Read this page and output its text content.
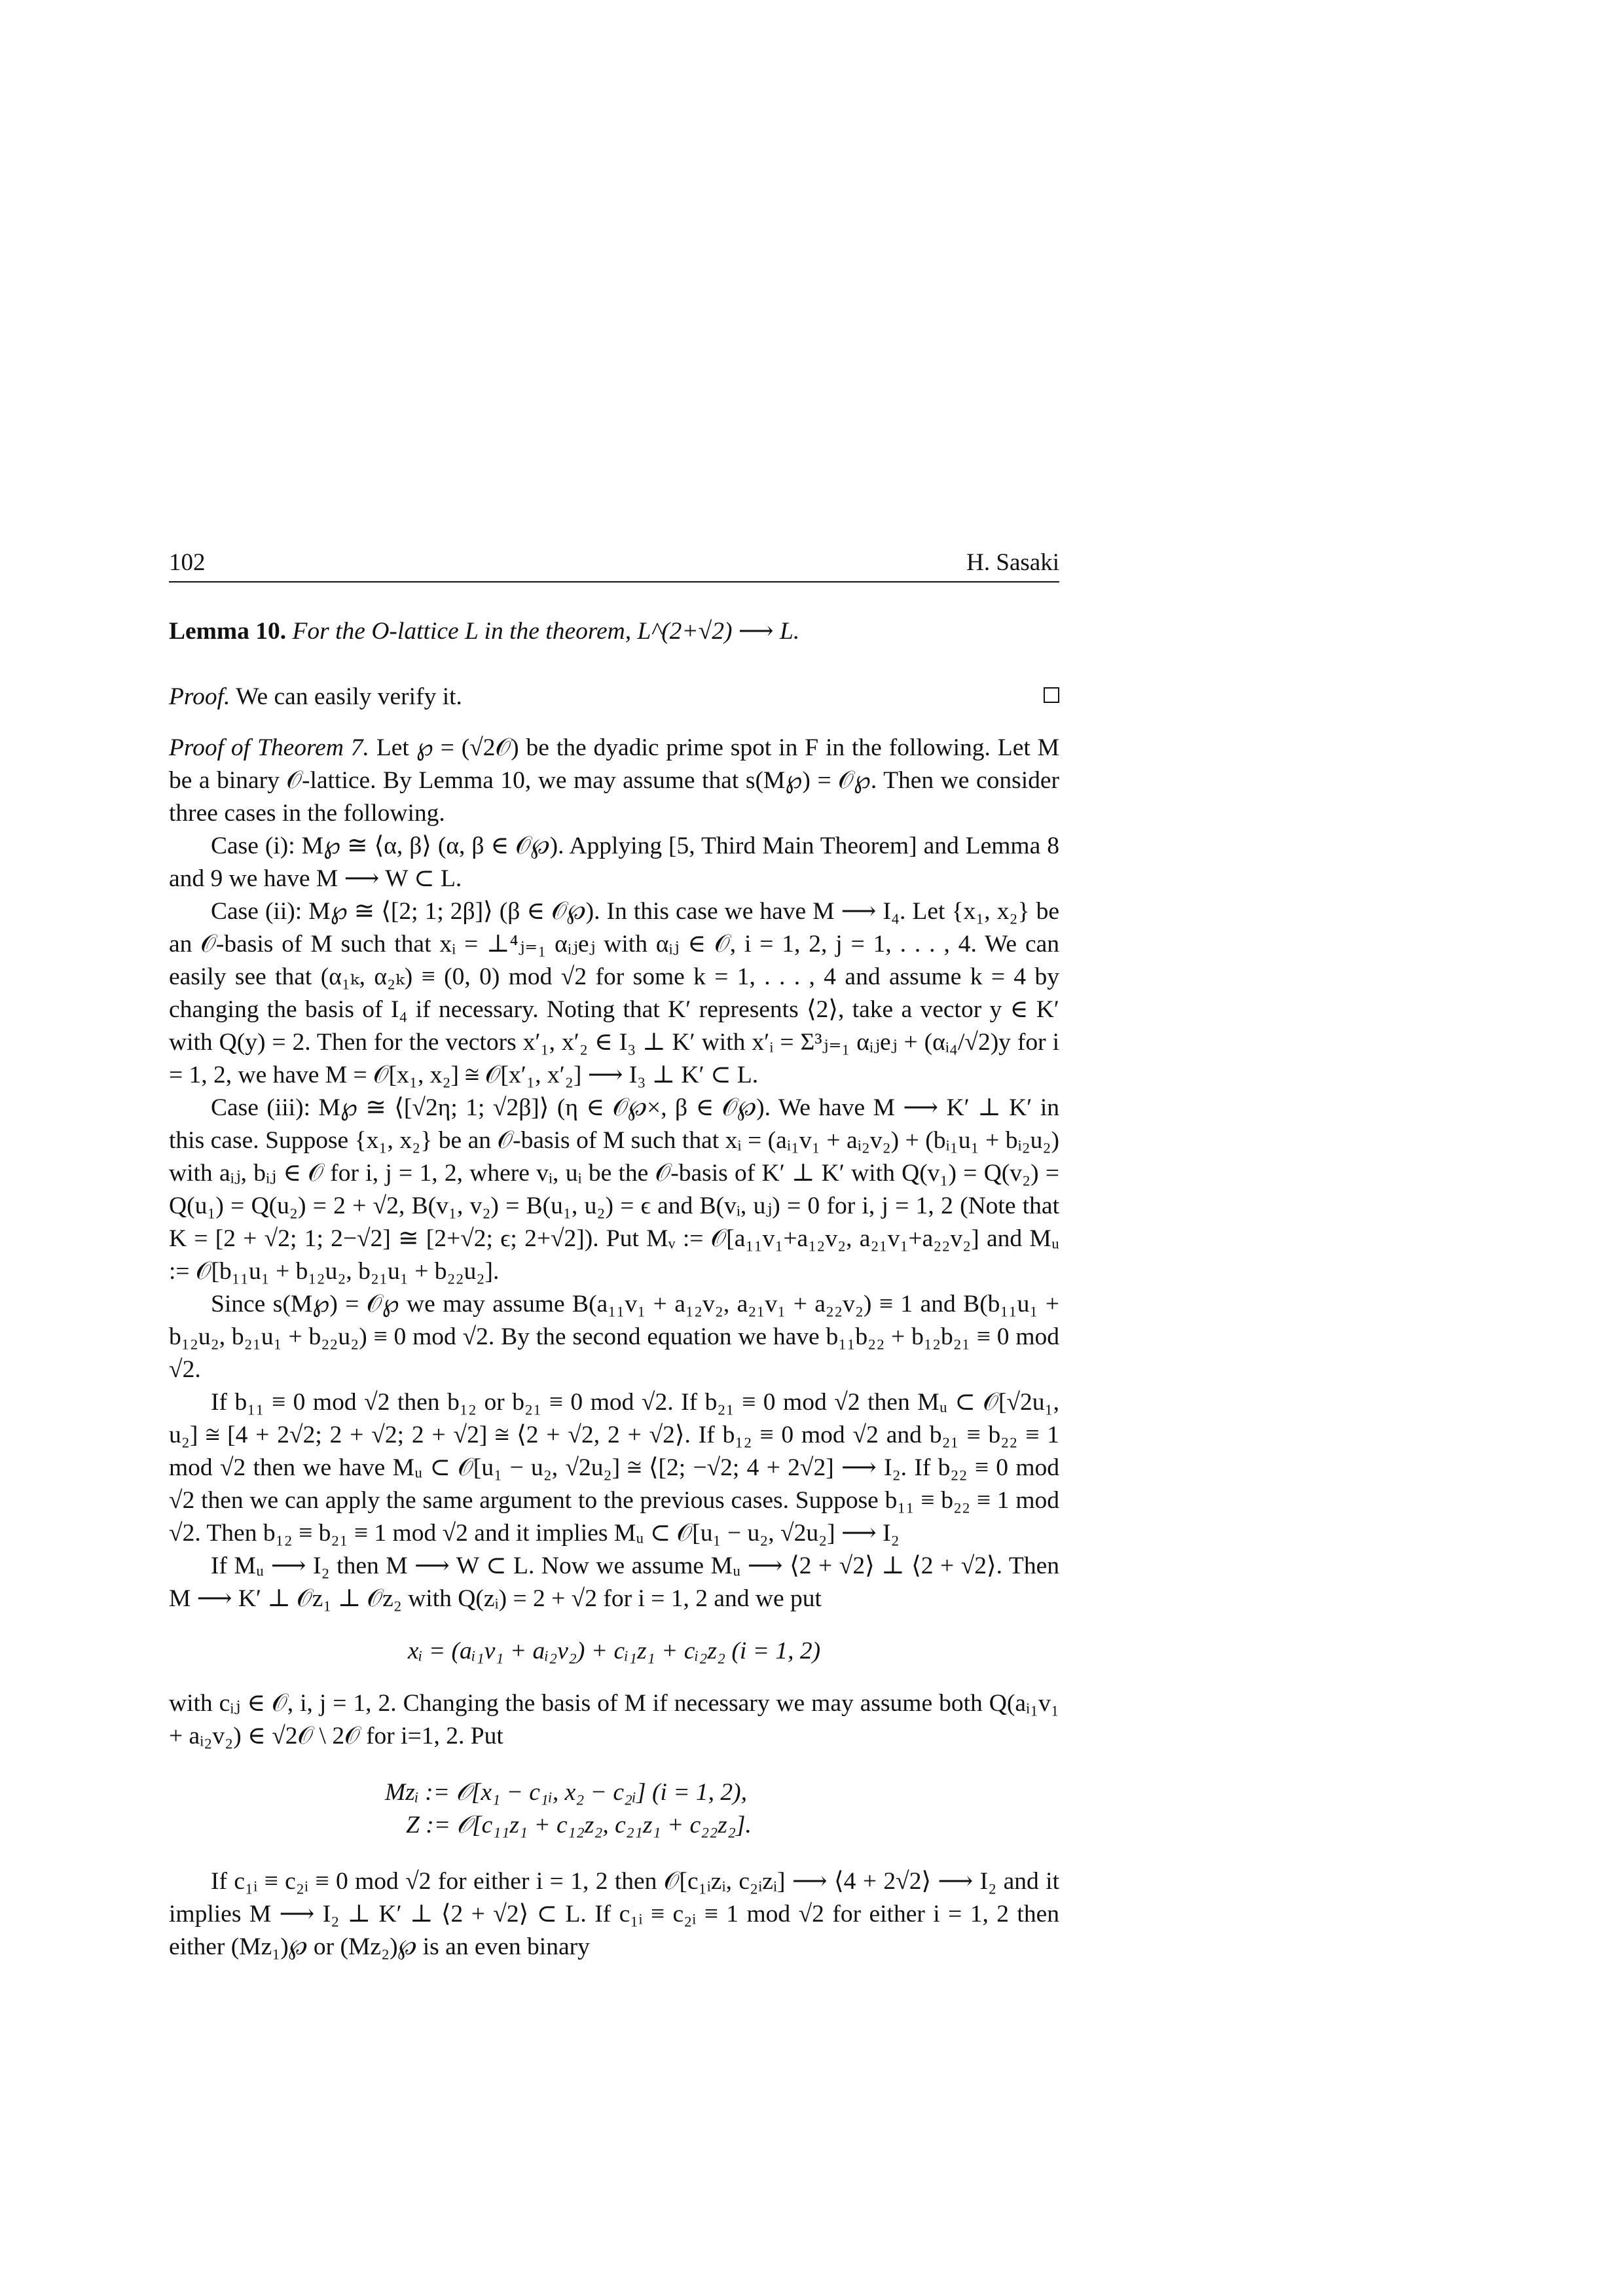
102	H. Sasaki

Lemma 10. For the O-lattice L in the theorem, L^(2+√2) ⟶ L.

Proof. We can easily verify it.

Proof of Theorem 7. Let ℘ = (√2𝒪) be the dyadic prime spot in F in the following. Let M be a binary 𝒪-lattice. By Lemma 10, we may assume that s(M℘) = 𝒪℘. Then we consider three cases in the following.

Case (i): M℘ ≅ ⟨α, β⟩ (α, β ∈ 𝒪℘). Applying [5, Third Main Theorem] and Lemma 8 and 9 we have M ⟶ W ⊂ L.

Case (ii): M℘ ≅ ⟨[2; 1; 2β]⟩ (β ∈ 𝒪℘). In this case we have M ⟶ I₄. Let {x₁, x₂} be an 𝒪-basis of M such that xᵢ = ⊥⁴ⱼ₌₁ αᵢⱼeⱼ with αᵢⱼ ∈ 𝒪, i = 1, 2, j = 1, . . . , 4. We can easily see that (α₁ₖ, α₂ₖ) ≡ (0, 0) mod √2 for some k = 1, . . . , 4 and assume k = 4 by changing the basis of I₄ if necessary. Noting that K′ represents ⟨2⟩, take a vector y ∈ K′ with Q(y) = 2. Then for the vectors x′₁, x′₂ ∈ I₃ ⊥ K′ with x′ᵢ = Σ³ⱼ₌₁ αᵢⱼeⱼ + (αᵢ₄/√2)y for i = 1, 2, we have M = 𝒪[x₁, x₂] ≅ 𝒪[x′₁, x′₂] ⟶ I₃ ⊥ K′ ⊂ L.

Case (iii): M℘ ≅ ⟨[√2η; 1; √2β]⟩ (η ∈ 𝒪℘×, β ∈ 𝒪℘). We have M ⟶ K′ ⊥ K′ in this case. Suppose {x₁, x₂} be an 𝒪-basis of M such that xᵢ = (aᵢ₁v₁ + aᵢ₂v₂) + (bᵢ₁u₁ + bᵢ₂u₂) with aᵢⱼ, bᵢⱼ ∈ 𝒪 for i, j = 1, 2, where vᵢ, uᵢ be the 𝒪-basis of K′ ⊥ K′ with Q(v₁) = Q(v₂) = Q(u₁) = Q(u₂) = 2 + √2, B(v₁, v₂) = B(u₁, u₂) = ϵ and B(vᵢ, uⱼ) = 0 for i, j = 1, 2 (Note that K = [2 + √2; 1; 2−√2] ≅ [2+√2; ϵ; 2+√2]). Put Mᵥ := 𝒪[a₁₁v₁+a₁₂v₂, a₂₁v₁+a₂₂v₂] and Mᵤ := 𝒪[b₁₁u₁ + b₁₂u₂, b₂₁u₁ + b₂₂u₂].

Since s(M℘) = 𝒪℘ we may assume B(a₁₁v₁ + a₁₂v₂, a₂₁v₁ + a₂₂v₂) ≡ 1 and B(b₁₁u₁ + b₁₂u₂, b₂₁u₁ + b₂₂u₂) ≡ 0 mod √2. By the second equation we have b₁₁b₂₂ + b₁₂b₂₁ ≡ 0 mod √2.

If b₁₁ ≡ 0 mod √2 then b₁₂ or b₂₁ ≡ 0 mod √2. If b₂₁ ≡ 0 mod √2 then Mᵤ ⊂ 𝒪[√2u₁, u₂] ≅ [4 + 2√2; 2 + √2; 2 + √2] ≅ ⟨2 + √2, 2 + √2⟩. If b₁₂ ≡ 0 mod √2 and b₂₁ ≡ b₂₂ ≡ 1 mod √2 then we have Mᵤ ⊂ 𝒪[u₁ − u₂, √2u₂] ≅ ⟨[2; −√2; 4 + 2√2] ⟶ I₂. If b₂₂ ≡ 0 mod √2 then we can apply the same argument to the previous cases. Suppose b₁₁ ≡ b₂₂ ≡ 1 mod √2. Then b₁₂ ≡ b₂₁ ≡ 1 mod √2 and it implies Mᵤ ⊂ 𝒪[u₁ − u₂, √2u₂] ⟶ I₂

If Mᵤ ⟶ I₂ then M ⟶ W ⊂ L. Now we assume Mᵤ ⟶ ⟨2 + √2⟩ ⊥ ⟨2 + √2⟩. Then M ⟶ K′ ⊥ 𝒪z₁ ⊥ 𝒪z₂ with Q(zᵢ) = 2 + √2 for i = 1, 2 and we put

xᵢ = (aᵢ₁v₁ + aᵢ₂v₂) + cᵢ₁z₁ + cᵢ₂z₂ (i = 1, 2)

with cᵢⱼ ∈ 𝒪, i, j = 1, 2. Changing the basis of M if necessary we may assume both Q(aᵢ₁v₁ + aᵢ₂v₂) ∈ √2𝒪 \ 2𝒪 for i=1, 2. Put

Mzᵢ := 𝒪[x₁ − c₁ᵢ, x₂ − c₂ᵢ] (i = 1, 2),

Z := 𝒪[c₁₁z₁ + c₁₂z₂, c₂₁z₁ + c₂₂z₂].

If c₁ᵢ ≡ c₂ᵢ ≡ 0 mod √2 for either i = 1, 2 then 𝒪[c₁ᵢzᵢ, c₂ᵢzᵢ] ⟶ ⟨4 + 2√2⟩ ⟶ I₂ and it implies M ⟶ I₂ ⊥ K′ ⊥ ⟨2 + √2⟩ ⊂ L. If c₁ᵢ ≡ c₂ᵢ ≡ 1 mod √2 for either i = 1, 2 then either (Mz₁)℘ or (Mz₂)℘ is an even binary
